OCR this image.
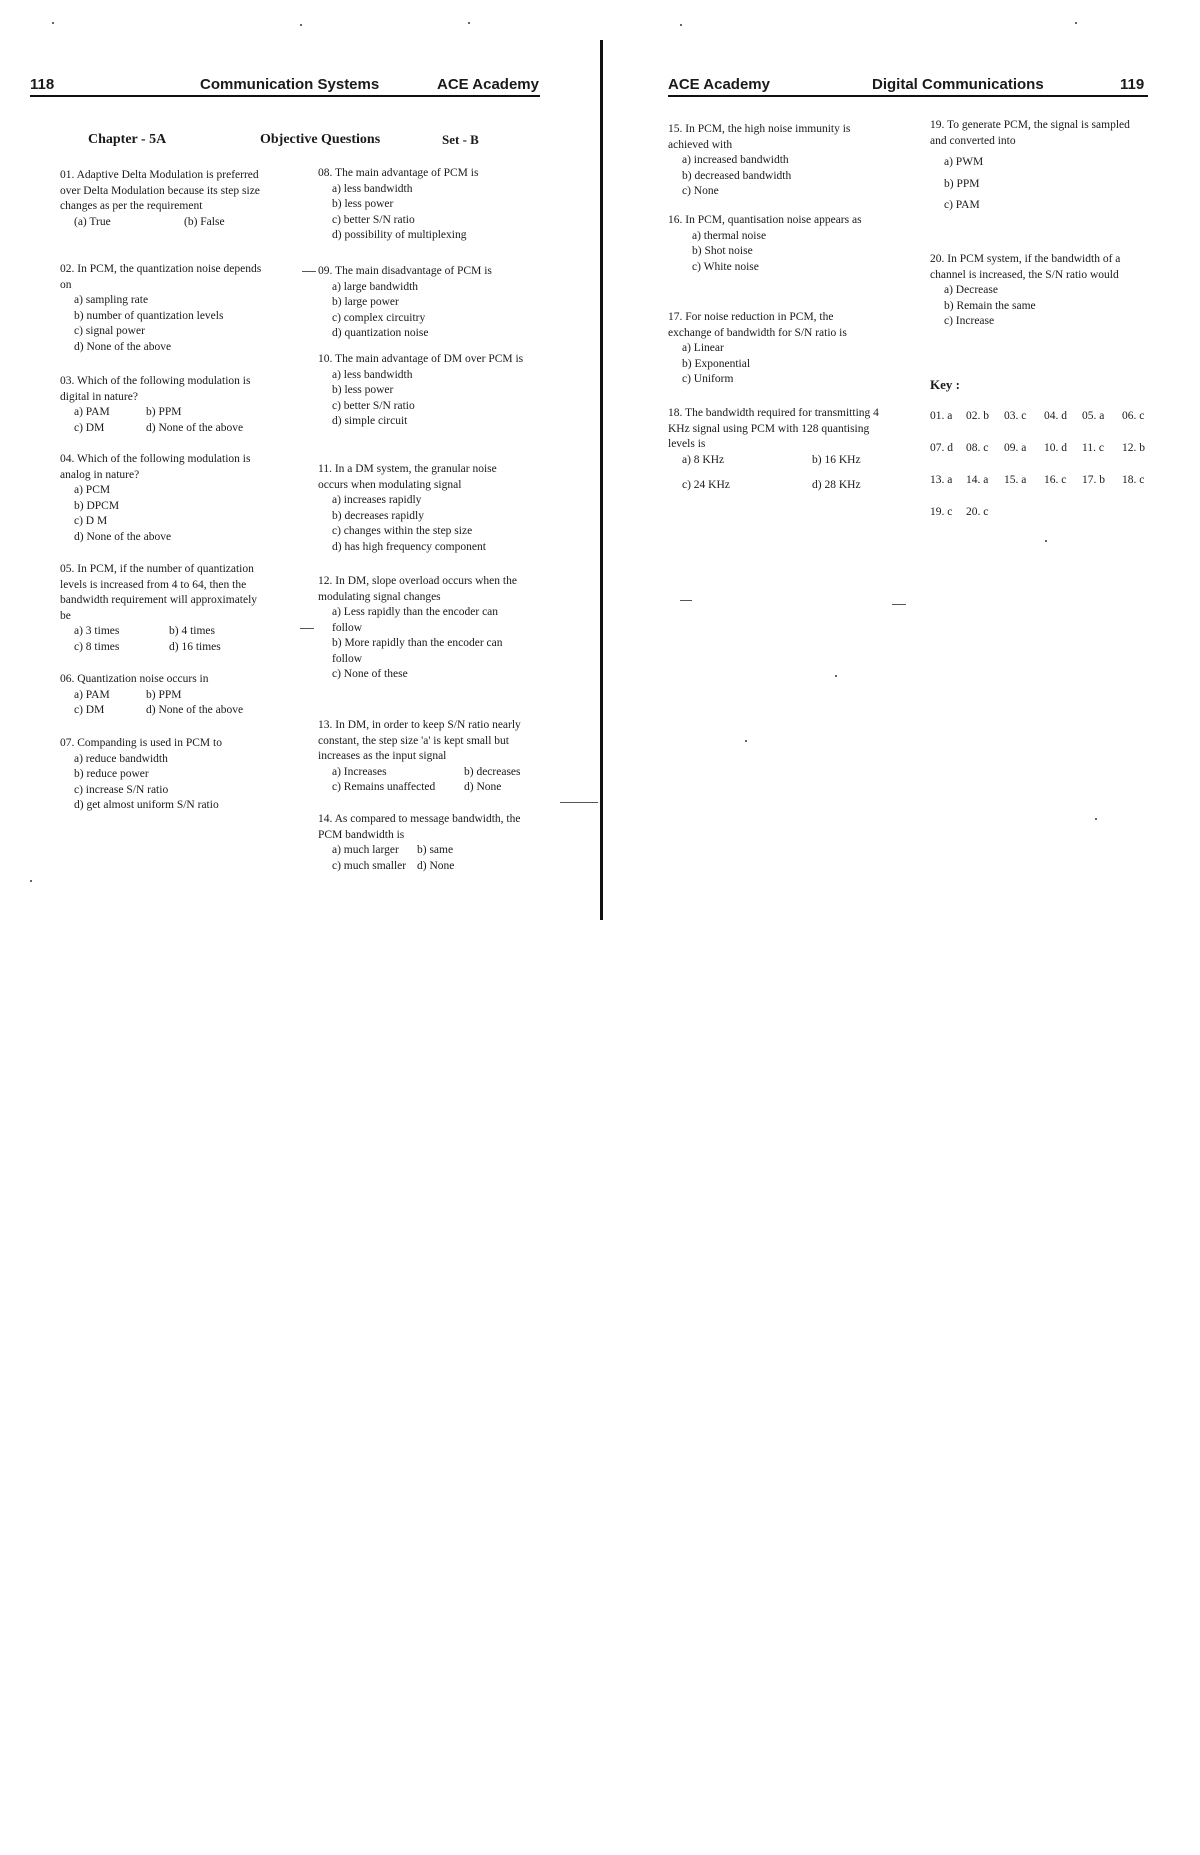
118	Communication Systems	ACE Academy	ACE Academy	Digital Communications	119
Chapter - 5A	Objective Questions	Set - B
01. Adaptive Delta Modulation is preferred over Delta Modulation because its step size changes as per the requirement
(a) True	(b) False
02. In PCM, the quantization noise depends on
a) sampling rate
b) number of quantization levels
c) signal power
d) None of the above
03. Which of the following modulation is digital in nature?
a) PAM	b) PPM
c) DM	d) None of the above
04. Which of the following modulation is analog in nature?
a) PCM
b) DPCM
c) D M
d) None of the above
05. In PCM, if the number of quantization levels is increased from 4 to 64, then the bandwidth requirement will approximately be
a) 3 times	b) 4 times
c) 8 times	d) 16 times
06. Quantization noise occurs in
a) PAM	b) PPM
c) DM	d) None of the above
07. Companding is used in PCM to
a) reduce bandwidth
b) reduce power
c) increase S/N ratio
d) get almost uniform S/N ratio
08. The main advantage of PCM is
a) less bandwidth
b) less power
c) better S/N ratio
d) possibility of multiplexing
09. The main disadvantage of PCM is
a) large bandwidth
b) large power
c) complex circuitry
d) quantization noise
10. The main advantage of DM over PCM is
a) less bandwidth
b) less power
c) better S/N ratio
d) simple circuit
11. In a DM system, the granular noise occurs when modulating signal
a) increases rapidly
b) decreases rapidly
c) changes within the step size
d) has high frequency component
12. In DM, slope overload occurs when the modulating signal changes
a) Less rapidly than the encoder can follow
b) More rapidly than the encoder can follow
c) None of these
13. In DM, in order to keep S/N ratio nearly constant, the step size 'a' is kept small but increases as the input signal
a) Increases	b) decreases
c) Remains unaffected	d) None
14. As compared to message bandwidth, the PCM bandwidth is
a) much larger	b) same
c) much smaller d) None
15. In PCM, the high noise immunity is achieved with
a) increased bandwidth
b) decreased bandwidth
c) None
16. In PCM, quantisation noise appears as
a) thermal noise
b) Shot noise
c) White noise
17. For noise reduction in PCM, the exchange of bandwidth for S/N ratio is
a) Linear
b) Exponential
c) Uniform
18. The bandwidth required for transmitting 4 KHz signal using PCM with 128 quantising levels is
a) 8 KHz	b) 16 KHz
c) 24 KHz	d) 28 KHz
19. To generate PCM, the signal is sampled and converted into
a) PWM
b) PPM
c) PAM
20. In PCM system, if the bandwidth of a channel is increased, the S/N ratio would
a) Decrease
b) Remain the same
c) Increase
Key :
01. a 02. b 03. c 04. d 05. a 06. c
07. d 08. c 09. a 10. d 11. c 12. b
13. a 14. a 15. a 16. c 17. b 18. c
19. c 20. c
